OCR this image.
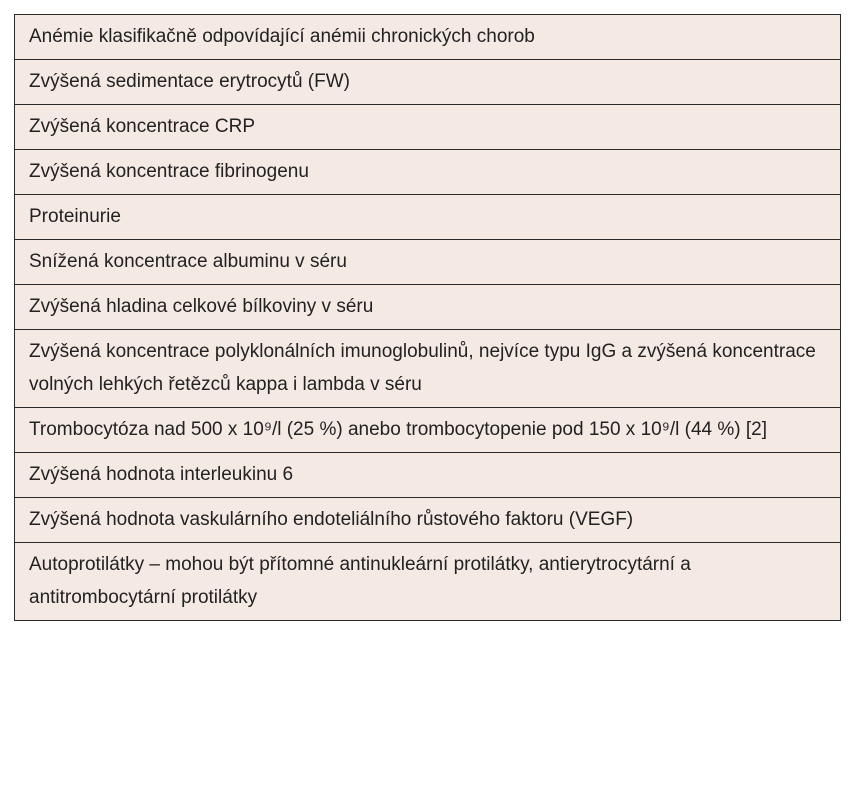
Anémie klasifikačně odpovídající anémii chronických chorob

Zvýšená sedimentace erytrocytů (FW)

Zvýšená koncentrace CRP

Zvýšená koncentrace fibrinogenu

Proteinurie

Snížená koncentrace albuminu v séru

Zvýšená hladina celkové bílkoviny v séru

Zvýšená koncentrace polyklonálních imunoglobulinů, nejvíce typu IgG a zvýšená koncentrace volných lehkých řetězců kappa i lambda v séru

Trombocytóza nad 500 x 10⁹/l (25 %) anebo trombocytopenie pod 150 x 10⁹/l (44 %) [2]

Zvýšená hodnota interleukinu 6

Zvýšená hodnota vaskulárního endoteliálního růstového faktoru (VEGF)

Autoprotilátky – mohou být přítomné antinukleární protilátky, antierytrocytární a antitrombocytární protilátky
